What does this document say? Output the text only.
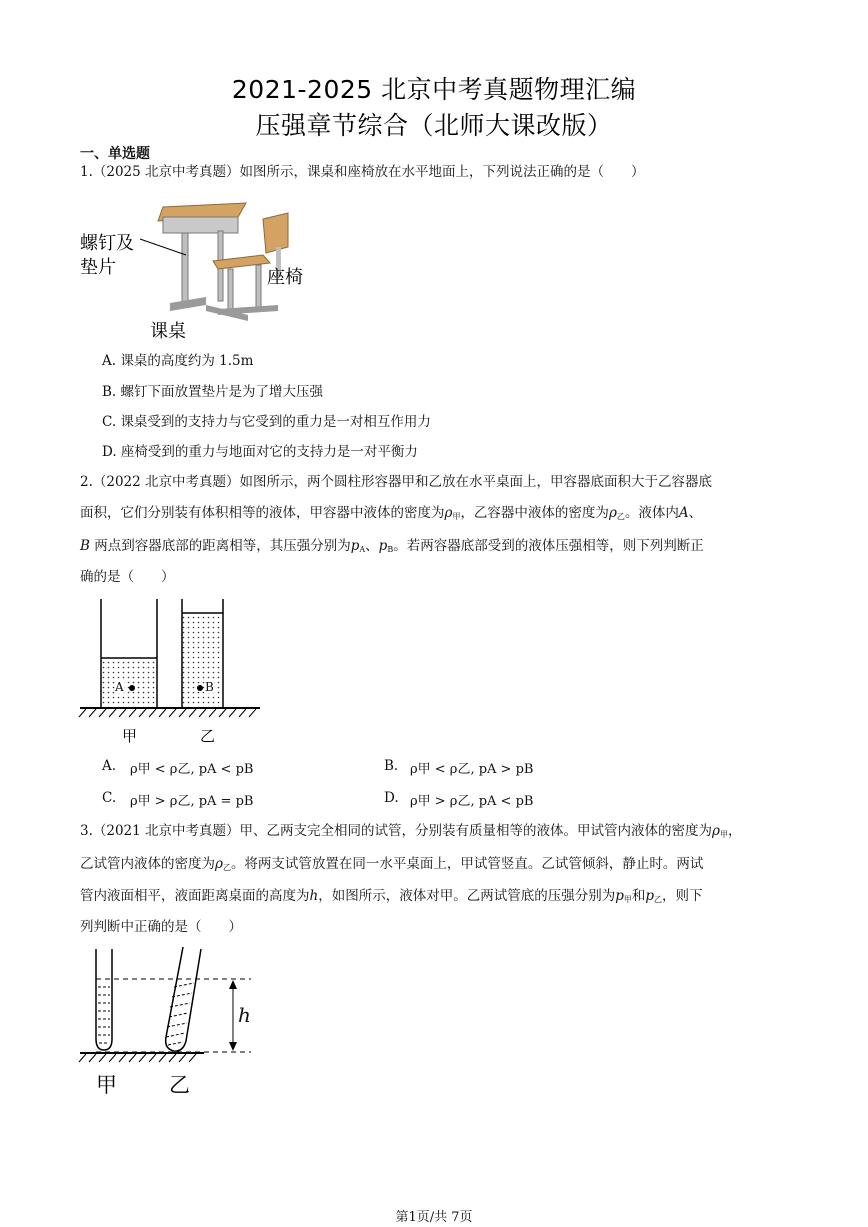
2021-2025 北京中考真题物理汇编
压强章节综合（北师大课改版）
一、单选题
1.（2025 北京中考真题）如图所示，课桌和座椅放在水平地面上，下列说法正确的是（　　）
螺钉及
垫片	座椅
课桌
A. 课桌的高度约为 1.5m
B. 螺钉下面放置垫片是为了增大压强
C. 课桌受到的支持力与它受到的重力是一对相互作用力
D. 座椅受到的重力与地面对它的支持力是一对平衡力
2.（2022 北京中考真题）如图所示，两个圆柱形容器甲和乙放在水平桌面上，甲容器底面积大于乙容器底
面积，它们分别装有体积相等的液体，甲容器中液体的密度为$\rho_甲$，乙容器中液体的密度为$\rho_乙$。液体内A、
B 两点到容器底部的距离相等，其压强分别为$p_A$、$p_B$。若两容器底部受到的液体压强相等，则下列判断正
确的是（　　）
A	B
甲	乙
A. ρ甲 < ρ乙, pA < pB	B. ρ甲 < ρ乙, pA > pB
C. ρ甲 > ρ乙, pA = pB	D. ρ甲 > ρ乙, pA < pB
3.（2021 北京中考真题）甲、乙两支完全相同的试管，分别装有质量相等的液体。甲试管内液体的密度为$\rho_甲$，
乙试管内液体的密度为$\rho_乙$。将两支试管放置在同一水平桌面上，甲试管竖直。乙试管倾斜，静止时。两试
管内液面相平，液面距离桌面的高度为h，如图所示，液体对甲。乙两试管底的压强分别为$p_甲$和$p_乙$，则下
列判断中正确的是（　　）
h
甲 乙
第1页/共 7页
